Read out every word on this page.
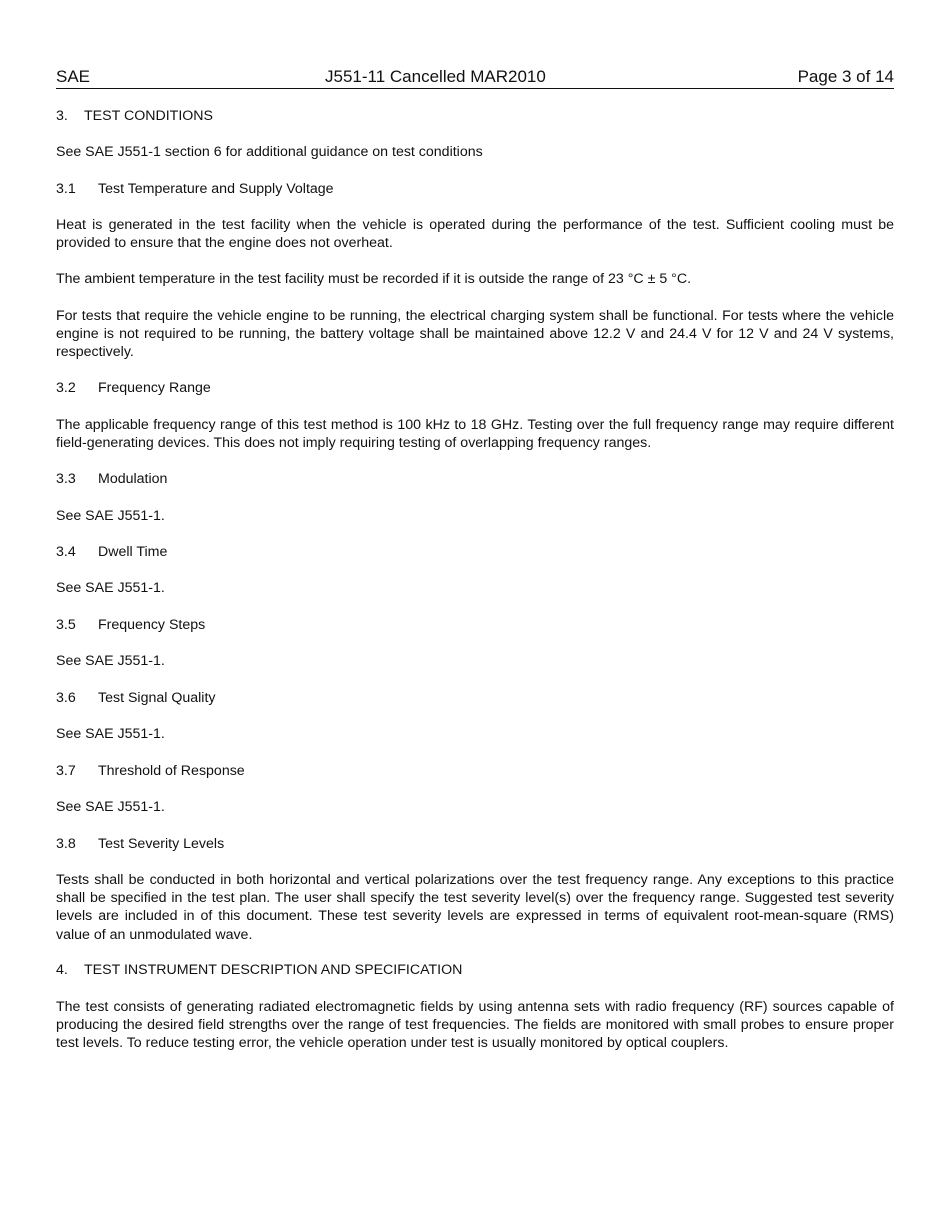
SAE	J551-11 Cancelled MAR2010	Page 3 of 14
3. TEST CONDITIONS

See SAE J551-1 section 6 for additional guidance on test conditions

3.1 Test Temperature and Supply Voltage

Heat is generated in the test facility when the vehicle is operated during the performance of the test. Sufficient cooling must be provided to ensure that the engine does not overheat.

The ambient temperature in the test facility must be recorded if it is outside the range of 23 °C ± 5 °C.

For tests that require the vehicle engine to be running, the electrical charging system shall be functional. For tests where the vehicle engine is not required to be running, the battery voltage shall be maintained above 12.2 V and 24.4 V for 12 V and 24 V systems, respectively.

3.2 Frequency Range

The applicable frequency range of this test method is 100 kHz to 18 GHz. Testing over the full frequency range may require different field-generating devices. This does not imply requiring testing of overlapping frequency ranges.

3.3 Modulation

See SAE J551-1.

3.4 Dwell Time

See SAE J551-1.

3.5 Frequency Steps

See SAE J551-1.

3.6 Test Signal Quality

See SAE J551-1.

3.7 Threshold of Response

See SAE J551-1.

3.8 Test Severity Levels

Tests shall be conducted in both horizontal and vertical polarizations over the test frequency range. Any exceptions to this practice shall be specified in the test plan. The user shall specify the test severity level(s) over the frequency range. Suggested test severity levels are included in of this document. These test severity levels are expressed in terms of equivalent root-mean-square (RMS) value of an unmodulated wave.

4. TEST INSTRUMENT DESCRIPTION AND SPECIFICATION

The test consists of generating radiated electromagnetic fields by using antenna sets with radio frequency (RF) sources capable of producing the desired field strengths over the range of test frequencies. The fields are monitored with small probes to ensure proper test levels. To reduce testing error, the vehicle operation under test is usually monitored by optical couplers.
